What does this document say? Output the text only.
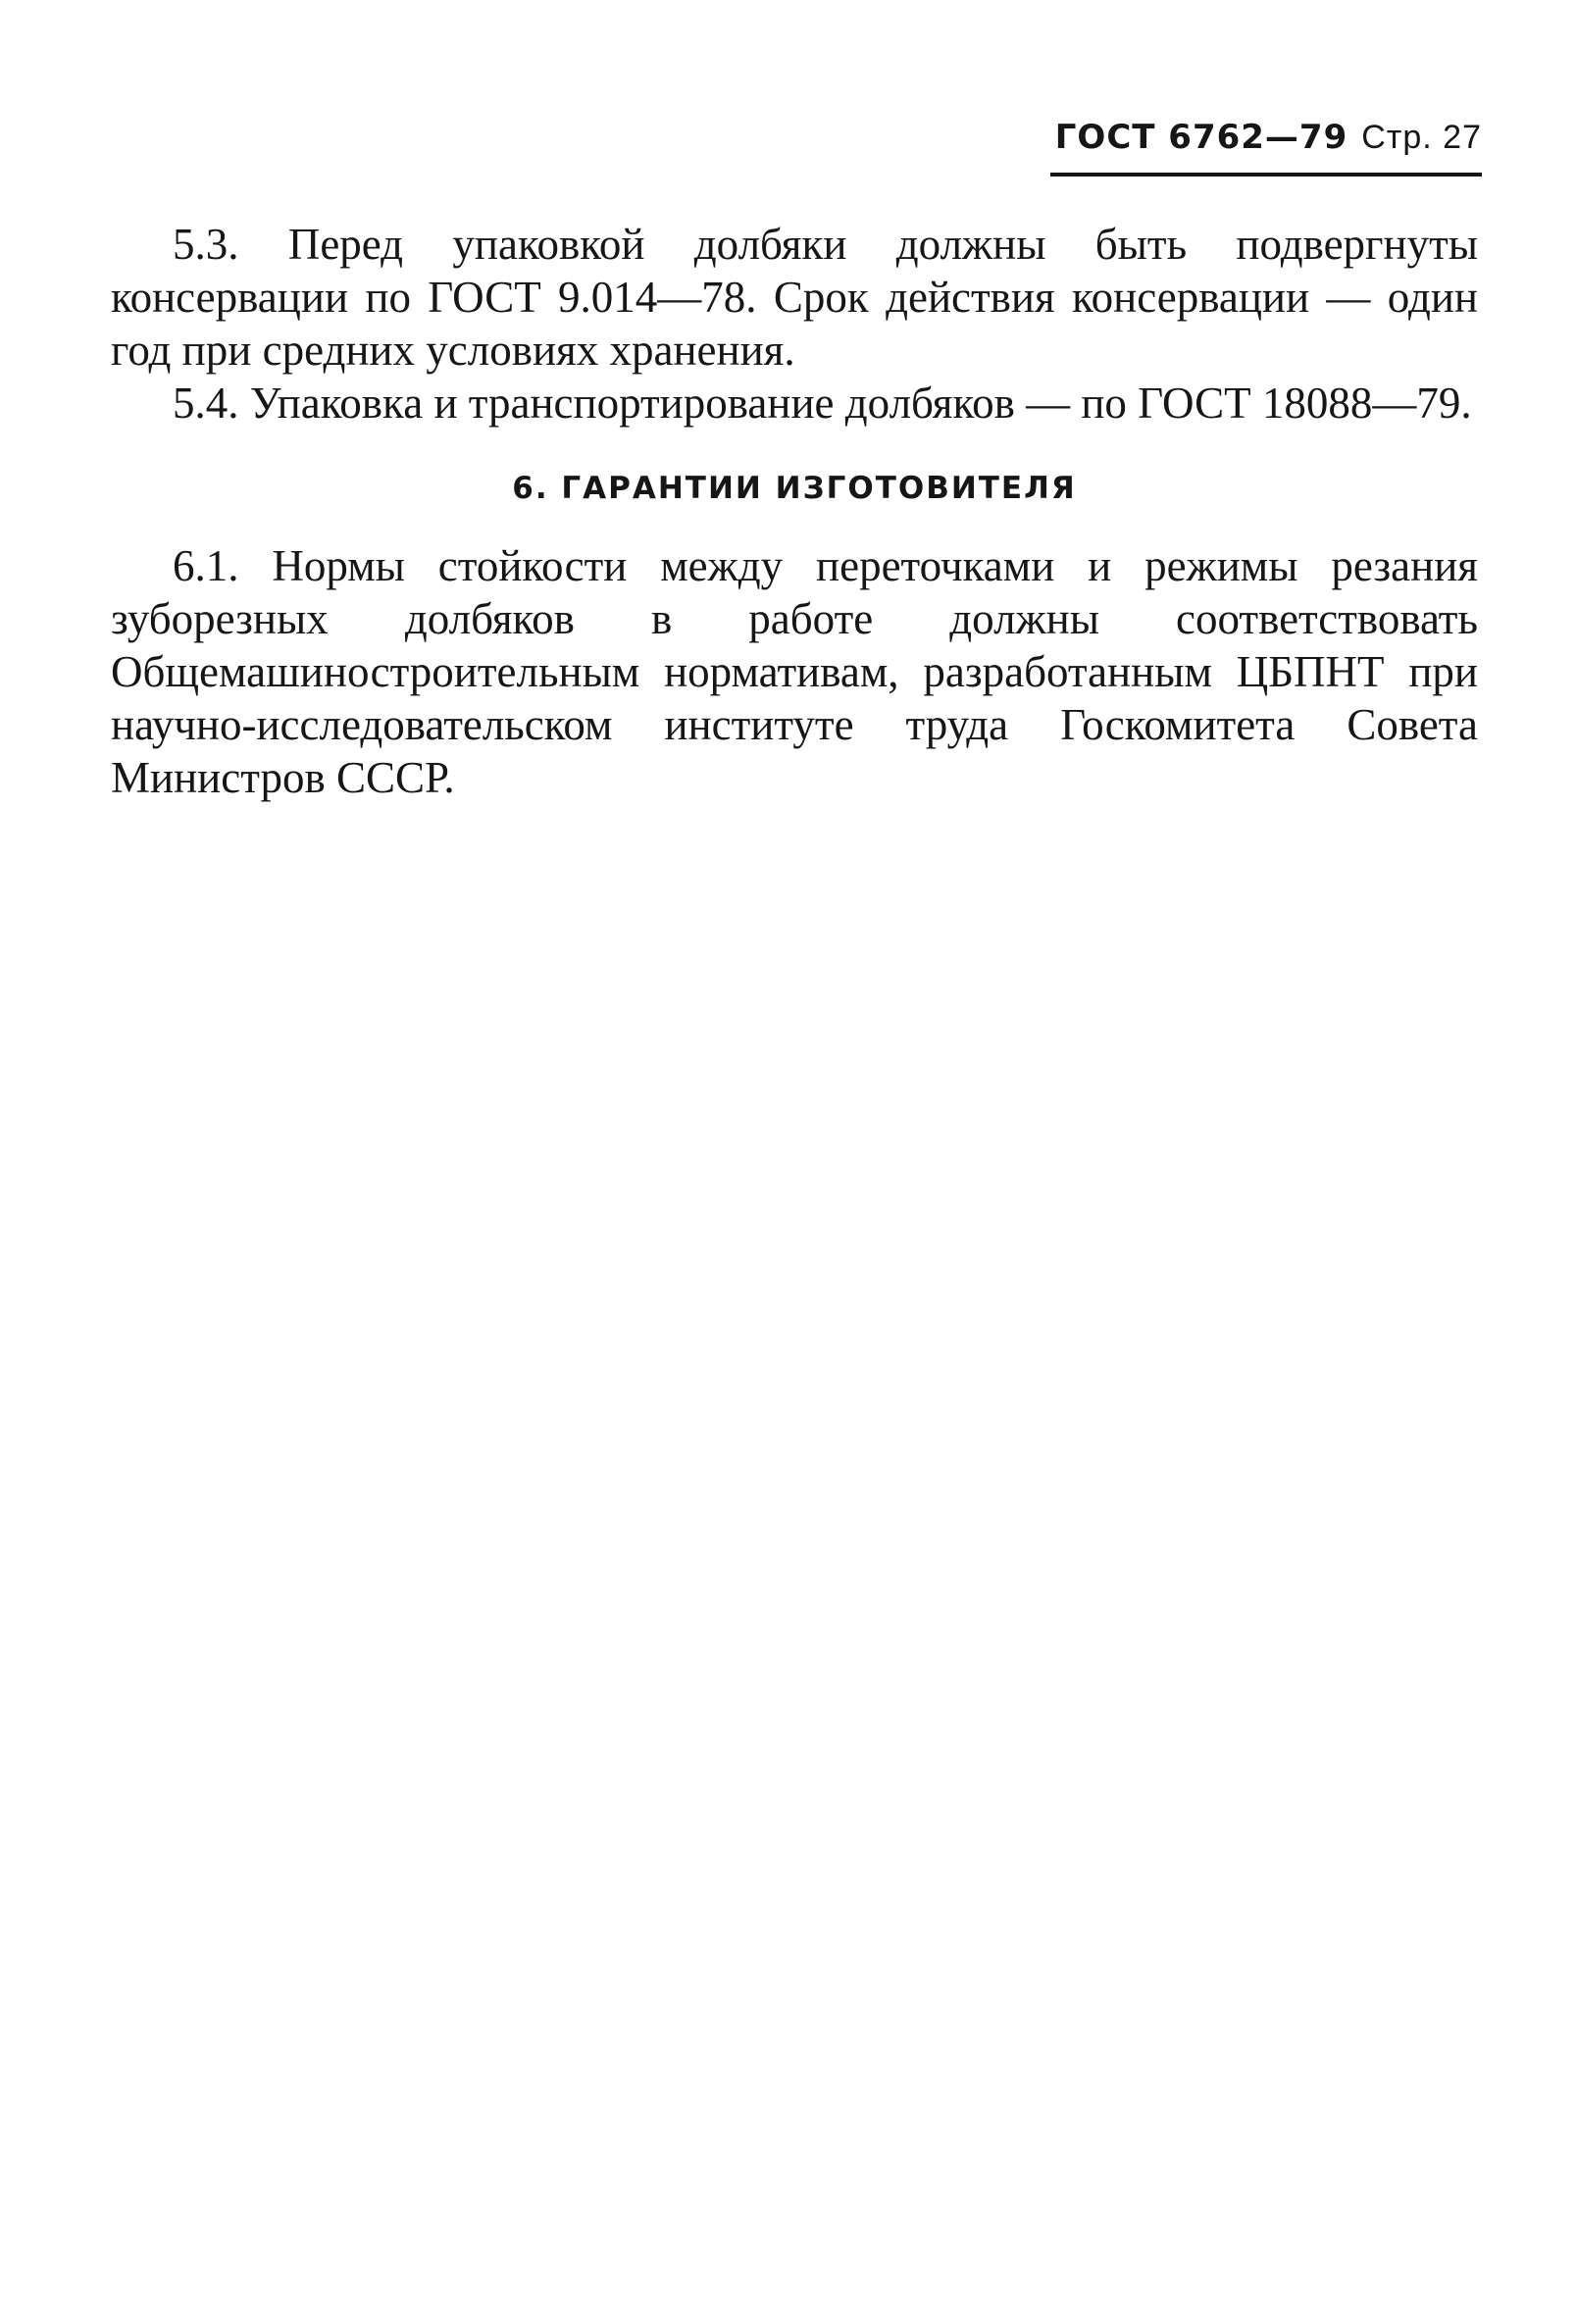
ГОСТ 6762—79 Стр. 27

5.3. Перед упаковкой долбяки должны быть подвергнуты консервации по ГОСТ 9.014—78. Срок действия консервации — один год при средних условиях хранения.

5.4. Упаковка и транспортирование долбяков — по ГОСТ 18088—79.

6. ГАРАНТИИ ИЗГОТОВИТЕЛЯ

6.1. Нормы стойкости между переточками и режимы резания зуборезных долбяков в работе должны соответствовать Общемашиностроительным нормативам, разработанным ЦБПНТ при научно-исследовательском институте труда Госкомитета Совета Министров СССР.
